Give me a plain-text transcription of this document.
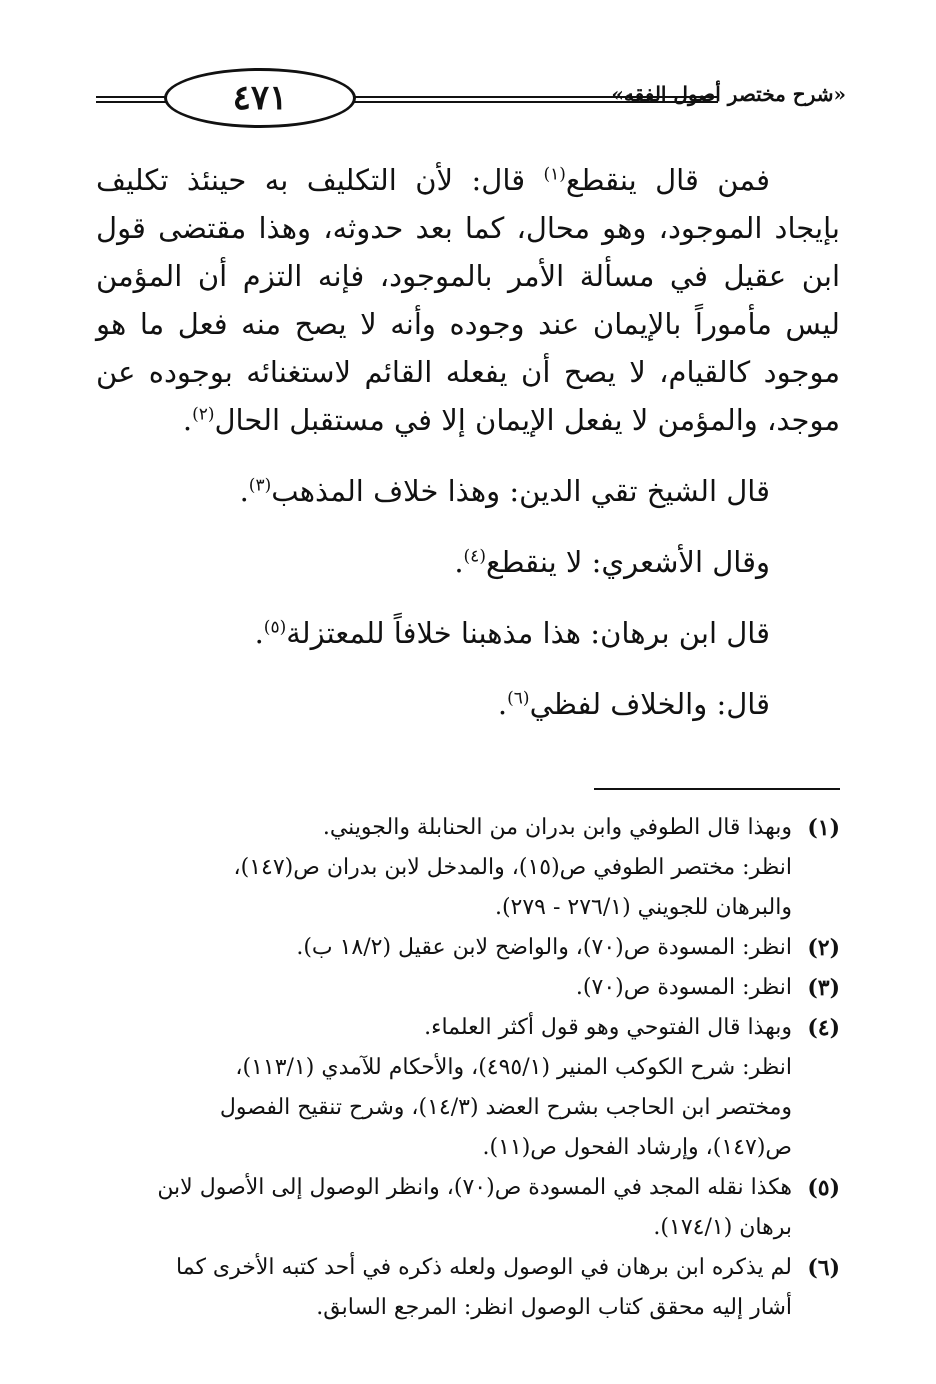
٤٧١	«شرح مختصر أصول الفقه»

فمن قال ينقطع$^{(١)}$ قال: لأن التكليف به حينئذ تكليف بإيجاد الموجود، وهو محال، كما بعد حدوثه، وهذا مقتضى قول ابن عقيل في مسألة الأمر بالموجود، فإنه التزم أن المؤمن ليس مأموراً بالإيمان عند وجوده وأنه لا يصح منه فعل ما هو موجود كالقيام، لا يصح أن يفعله القائم لاستغنائه بوجوده عن موجد، والمؤمن لا يفعل الإيمان إلا في مستقبل الحال$^{(٢)}$.

قال الشيخ تقي الدين: وهذا خلاف المذهب$^{(٣)}$.

وقال الأشعري: لا ينقطع$^{(٤)}$.

قال ابن برهان: هذا مذهبنا خلافاً للمعتزلة$^{(٥)}$.

قال: والخلاف لفظي$^{(٦)}$.

(١)
وبهذا قال الطوفي وابن بدران من الحنابلة والجويني.
انظر: مختصر الطوفي ص(١٥)، والمدخل لابن بدران ص(١٤٧)،
والبرهان للجويني (٢٧٦/١ - ٢٧٩).
(٢)
انظر: المسودة ص(٧٠)، والواضح لابن عقيل (١٨/٢ ب).
(٣)
انظر: المسودة ص(٧٠).
(٤)
وبهذا قال الفتوحي وهو قول أكثر العلماء.
انظر: شرح الكوكب المنير (٤٩٥/١)، والأحكام للآمدي (١١٣/١)،
ومختصر ابن الحاجب بشرح العضد (١٤/٣)، وشرح تنقيح الفصول
ص(١٤٧)، وإرشاد الفحول ص(١١).
(٥)
هكذا نقله المجد في المسودة ص(٧٠)، وانظر الوصول إلى الأصول لابن
برهان (١٧٤/١).
(٦)
لم يذكره ابن برهان في الوصول ولعله ذكره في أحد كتبه الأخرى كما
أشار إليه محقق كتاب الوصول انظر: المرجع السابق.
